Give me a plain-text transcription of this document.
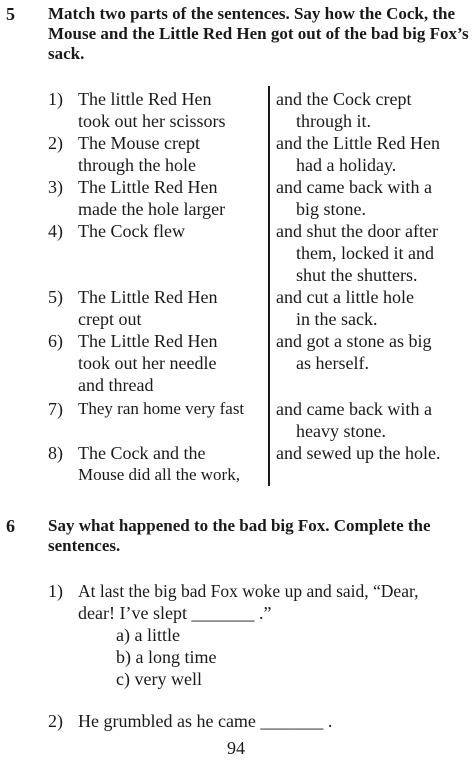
5 Match two parts of the sentences. Say how the Cock, the
Mouse and the Little Red Hen got out of the bad big Fox’s
sack.
1) The little Red Hen
took out her scissors
2) The Mouse crept
through the hole
3) The Little Red Hen
made the hole larger
4) The Cock flew
5) The Little Red Hen
crept out
6) The Little Red Hen
took out her needle
and thread
7) They ran home very fast
8) The Cock and the
Mouse did all the work,
and the Cock crept
through it.
and the Little Red Hen
had a holiday.
and came back with a
big stone.
and shut the door after
them, locked it and
shut the shutters.
and cut a little hole
in the sack.
and got a stone as big
as herself.
and came back with a
heavy stone.
and sewed up the hole.
6 Say what happened to the bad big Fox. Complete the
sentences.
1) At last the big bad Fox woke up and said, “Dear,
dear! I’ve slept _______ .”
a) a little
b) a long time
c) very well
2) He grumbled as he came _______ .
94
